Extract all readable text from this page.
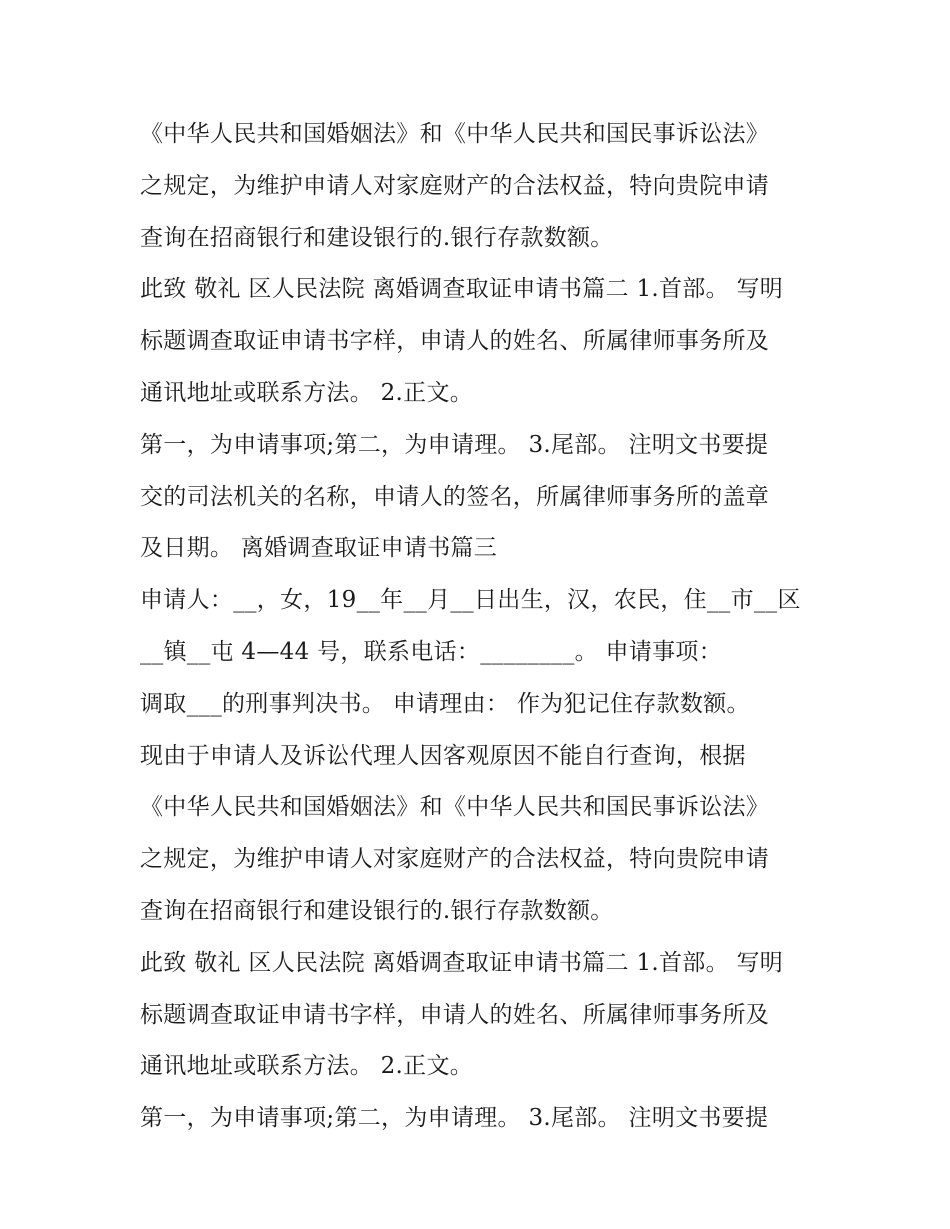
《中华人民共和国婚姻法》和《中华人民共和国民事诉讼法》
之规定，为维护申请人对家庭财产的合法权益，特向贵院申请
查询在招商银行和建设银行的.银行存款数额。
此致 敬礼 区人民法院 离婚调查取证申请书篇二 1.首部。 写明
标题调查取证申请书字样，申请人的姓名、所属律师事务所及
通讯地址或联系方法。 2.正文。
第一，为申请事项;第二，为申请理。 3.尾部。 注明文书要提
交的司法机关的名称，申请人的签名，所属律师事务所的盖章
及日期。 离婚调查取证申请书篇三
申请人：__，女，19__年__月__日出生，汉，农民，住__市__区
__镇__屯 4—44 号，联系电话：________。 申请事项：
调取___的刑事判决书。 申请理由： 作为犯记住存款数额。
现由于申请人及诉讼代理人因客观原因不能自行查询，根据
《中华人民共和国婚姻法》和《中华人民共和国民事诉讼法》
之规定，为维护申请人对家庭财产的合法权益，特向贵院申请
查询在招商银行和建设银行的.银行存款数额。
此致 敬礼 区人民法院 离婚调查取证申请书篇二 1.首部。 写明
标题调查取证申请书字样，申请人的姓名、所属律师事务所及
通讯地址或联系方法。 2.正文。
第一，为申请事项;第二，为申请理。 3.尾部。 注明文书要提
